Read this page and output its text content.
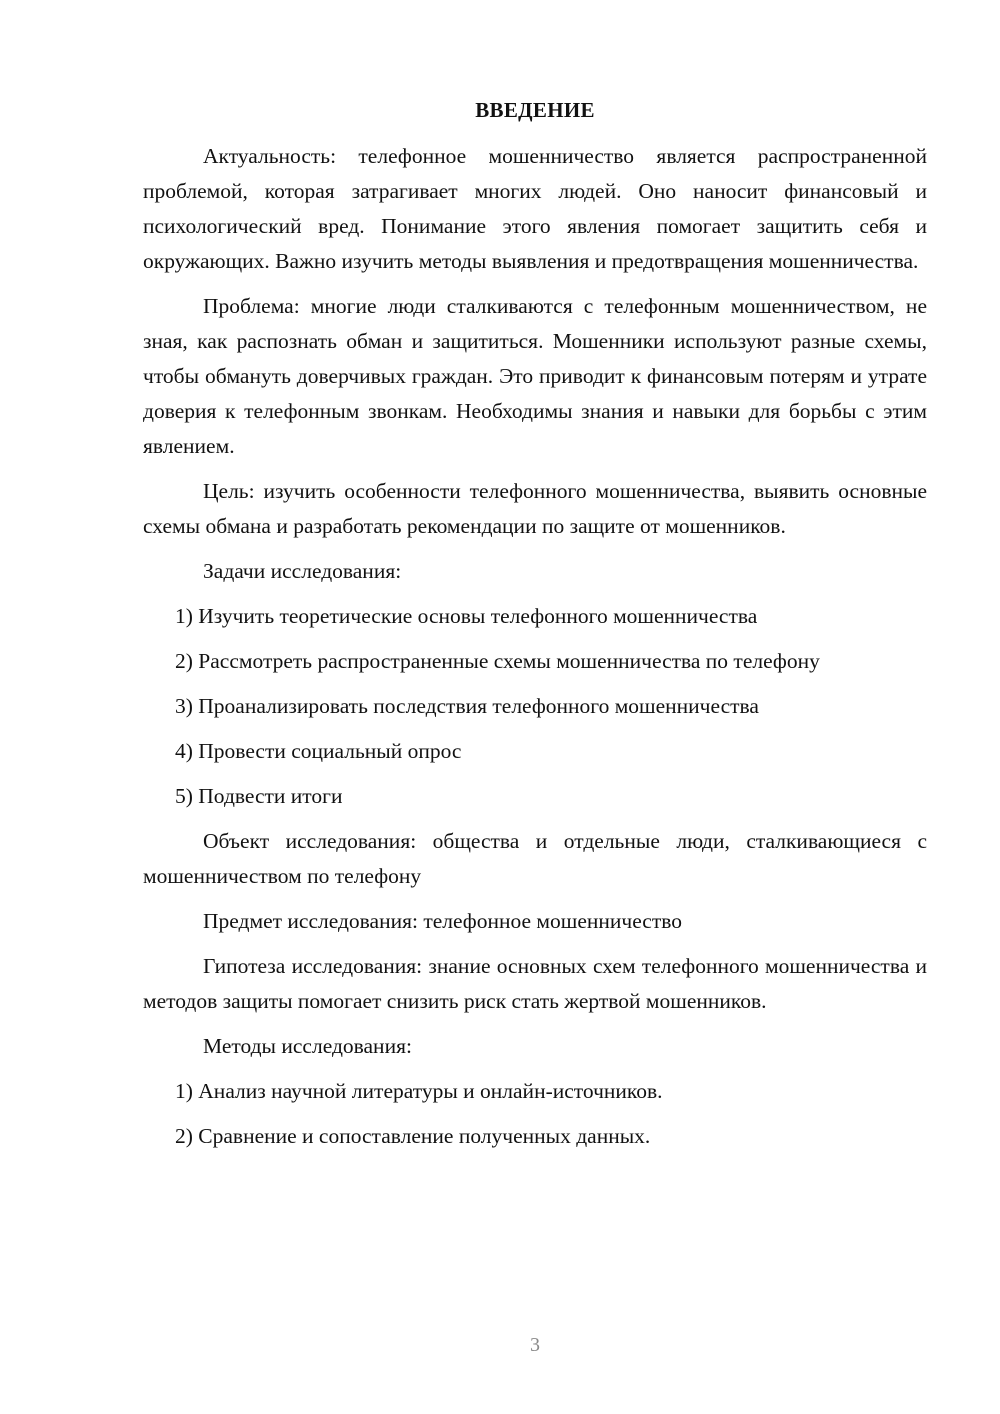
ВВЕДЕНИЕ

Актуальность: телефонное мошенничество является распространенной проблемой, которая затрагивает многих людей. Оно наносит финансовый и психологический вред. Понимание этого явления помогает защитить себя и окружающих. Важно изучить методы выявления и предотвращения мошенничества.

Проблема: многие люди сталкиваются с телефонным мошенничеством, не зная, как распознать обман и защититься. Мошенники используют разные схемы, чтобы обмануть доверчивых граждан. Это приводит к финансовым потерям и утрате доверия к телефонным звонкам. Необходимы знания и навыки для борьбы с этим явлением.

Цель: изучить особенности телефонного мошенничества, выявить основные схемы обмана и разработать рекомендации по защите от мошенников.

Задачи исследования:

1) Изучить теоретические основы телефонного мошенничества
2) Рассмотреть распространенные схемы мошенничества по телефону
3) Проанализировать последствия телефонного мошенничества
4) Провести социальный опрос
5) Подвести итоги

Объект исследования: общества и отдельные люди, сталкивающиеся с мошенничеством по телефону

Предмет исследования: телефонное мошенничество

Гипотеза исследования: знание основных схем телефонного мошенничества и методов защиты помогает снизить риск стать жертвой мошенников.

Методы исследования:

1) Анализ научной литературы и онлайн-источников.
2) Сравнение и сопоставление полученных данных.
3
